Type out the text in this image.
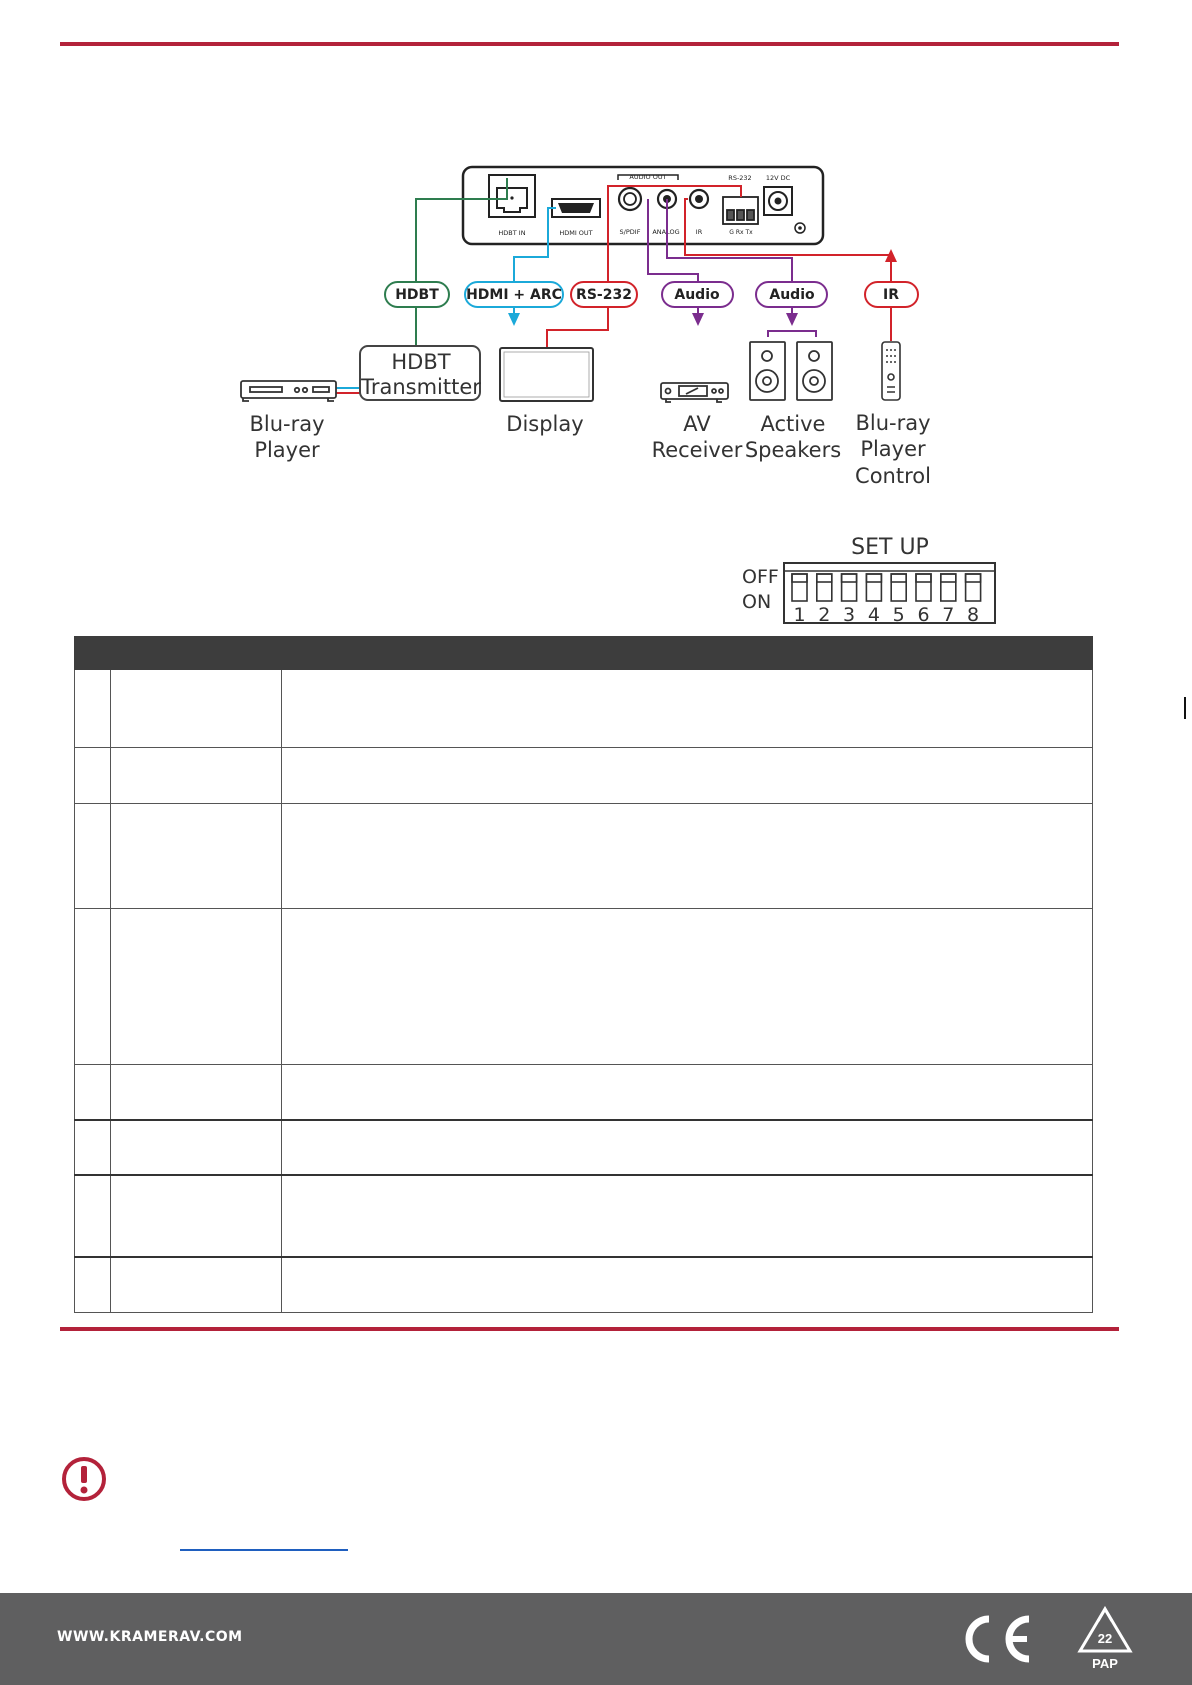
HDBT IN	HDMI OUT
AUDIO OUT
S/PDIF ANALOG IR
RS-232
G Rx Tx
12V DC
HDBT HDMI + ARC RS-232	Audio	Audio	IR
HDBT
Transmitter
Blu-ray
Player
Display	AV
Receiver
Active
Speakers
Blu-ray
Player
Control
SET UP
OFF
ON
1 2 3 4 5 6 7 8

WWW.KRAMERAV.COM	22
PAP
